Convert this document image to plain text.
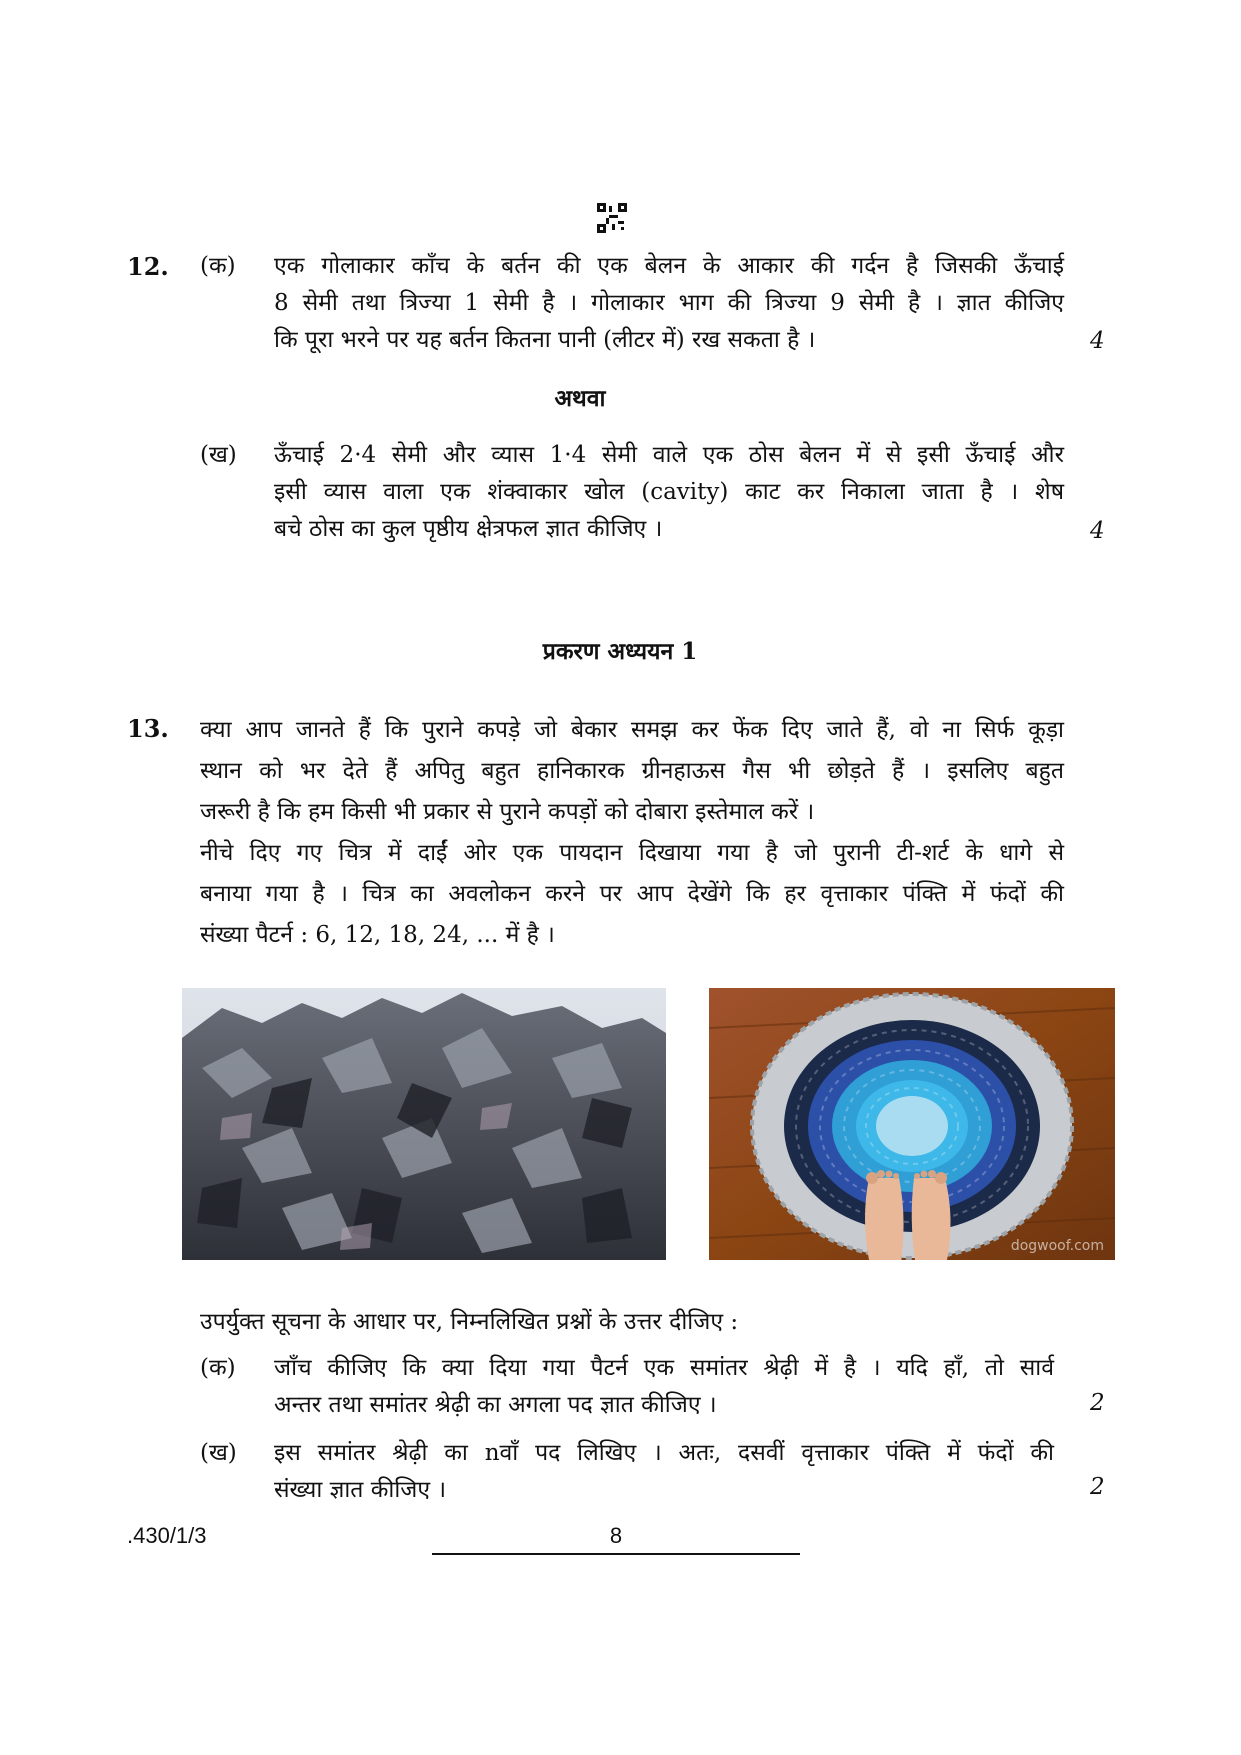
12. (क) एक गोलाकार काँच के बर्तन की एक बेलन के आकार की गर्दन है जिसकी ऊँचाई
8 सेमी तथा त्रिज्या 1 सेमी है । गोलाकार भाग की त्रिज्या 9 सेमी है । ज्ञात कीजिए
कि पूरा भरने पर यह बर्तन कितना पानी (लीटर में) रख सकता है ।	4
अथवा
(ख) ऊँचाई 2·4 सेमी और व्यास 1·4 सेमी वाले एक ठोस बेलन में से इसी ऊँचाई और
इसी व्यास वाला एक शंक्वाकार खोल (cavity) काट कर निकाला जाता है । शेष
बचे ठोस का कुल पृष्ठीय क्षेत्रफल ज्ञात कीजिए ।	4
प्रकरण अध्ययन 1
13. क्या आप जानते हैं कि पुराने कपड़े जो बेकार समझ कर फेंक दिए जाते हैं, वो ना सिर्फ कूड़ा
स्थान को भर देते हैं अपितु बहुत हानिकारक ग्रीनहाऊस गैस भी छोड़ते हैं । इसलिए बहुत
जरूरी है कि हम किसी भी प्रकार से पुराने कपड़ों को दोबारा इस्तेमाल करें ।
नीचे दिए गए चित्र में दाईं ओर एक पायदान दिखाया गया है जो पुरानी टी-शर्ट के धागे से
बनाया गया है । चित्र का अवलोकन करने पर आप देखेंगे कि हर वृत्ताकार पंक्ति में फंदों की
संख्या पैटर्न : 6, 12, 18, 24, ... में है ।
dogwoof.com
उपर्युक्त सूचना के आधार पर, निम्नलिखित प्रश्नों के उत्तर दीजिए :
(क) जाँच कीजिए कि क्या दिया गया पैटर्न एक समांतर श्रेढ़ी में है । यदि हाँ, तो सार्व
अन्तर तथा समांतर श्रेढ़ी का अगला पद ज्ञात कीजिए ।	2
(ख) इस समांतर श्रेढ़ी का nवाँ पद लिखिए । अतः, दसवीं वृत्ताकार पंक्ति में फंदों की
संख्या ज्ञात कीजिए ।	2
.430/1/3	8
